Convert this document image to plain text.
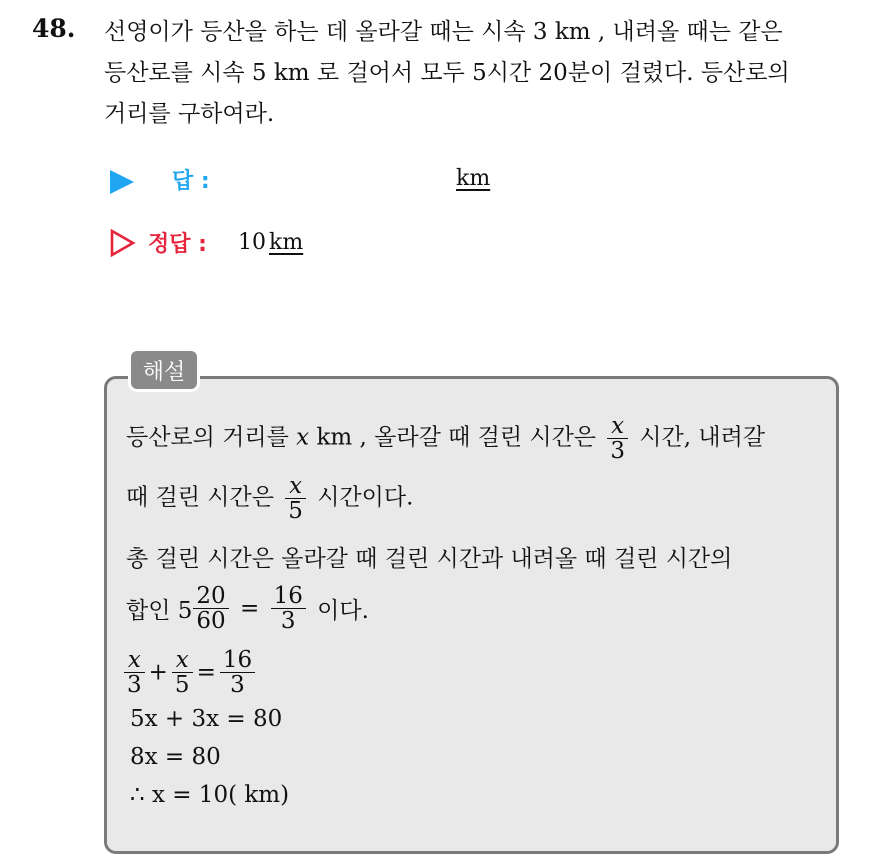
48. 선영이가 등산을 하는 데 올라갈 때는 시속 3 km , 내려올 때는 같은
등산로를 시속 5 km 로 걸어서 모두 5시간 20분이 걸렸다. 등산로의
거리를 구하여라.

답 :	km
정답 : 10 km
해설
등산로의 거리를 x km , 올라갈 때 걸린 시간은 $\frac{x}{3}$ 시간, 내려갈
때 걸린 시간은 $\frac{x}{5}$ 시간이다.
총 걸린 시간은 올라갈 때 걸린 시간과 내려올 때 걸린 시간의
합인 $5 \frac{20}{60} = \frac{16}{3}$ 이다.
$\frac{x}{3} + \frac{x}{5} = \frac{16}{3}$
5x + 3x = 80
8x = 80
∴ x = 10( km)
